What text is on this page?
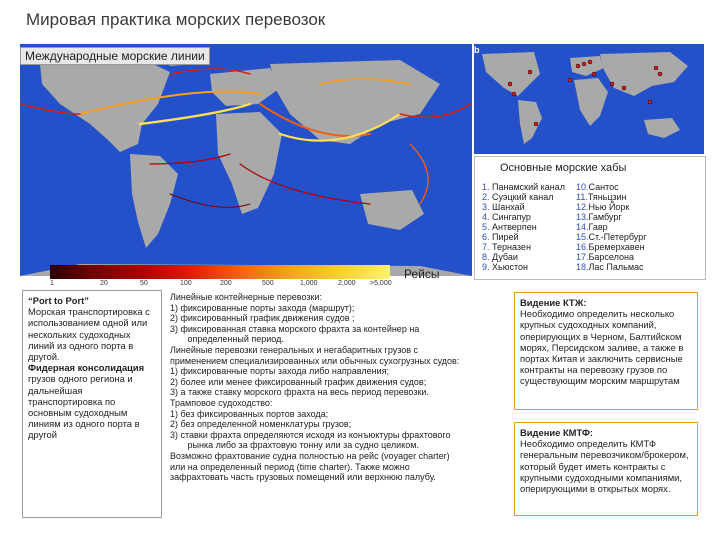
Мировая практика морских перевозок
Международные морские линии
1	20	50	100	200	500	1,000	2,000 >5,000
Рейсы
b
Основные морские хабы
1. Панамский канал
2. Суэцкий канал
3. Шанхай
4. Сингапур
5. Антверпен
6. Пирей
7. Терназен
8. Дубаи
9. Хьюстон
10.Сантос
11.Тяньцзин
12.Нью Йорк
13.Гамбург
14.Гавр
15.Ст.-Петербург
16.Бремерхавен
17.Барселона
18.Лас Пальмас

“Port to Port”

Морская транспортировка с использованием одной или нескольких судоходных линий из одного порта в другой.

Фидерная консолидация грузов одного региона и дальнейшая транспортировка по основным судоходным линиям из одного порта в другой

Линейные контейнерные перевозки:

1) фиксированные порты захода (маршрут);

2) фиксированный график движения судов ;

3) фиксированная ставка морского фрахта за контейнер на

определенный период.

Линейные перевозки генеральных и негабаритных грузов с

применением специализированных или обычных сухогрузных судов:

1) фиксированные порты захода либо направления;

2) более или менее фиксированный график движения судов;

3) а также ставку морского фрахта на весь период перевозки.

Трамповое судоходство:

1) без фиксированных портов захода;

2) без определенной номенклатуры грузов;

3) ставки фрахта определяются исходя из конъюктуры фрахтового

рынка либо за фрахтовую тонну или за судно целиком.

Возможно фрахтование судна полностью на рейс (voyager charter)

или на определенный период (time charter). Также можно

зафрахтовать часть грузовых помещений или верхнюю палубу.

Видение КТЖ:

Необходимо определить несколько крупных судоходных компаний, оперирующих в Черном, Балтийском морях, Персидском заливе, а также в портах Китая и заключить сервисные контракты на перевозку грузов по существующим морским маршрутам

Видение КМТФ:

Необходимо определить КМТФ генеральным перевозчиком/брокером, который будет иметь контракты с крупными судоходными компаниями, оперирующими в открытых морях.
